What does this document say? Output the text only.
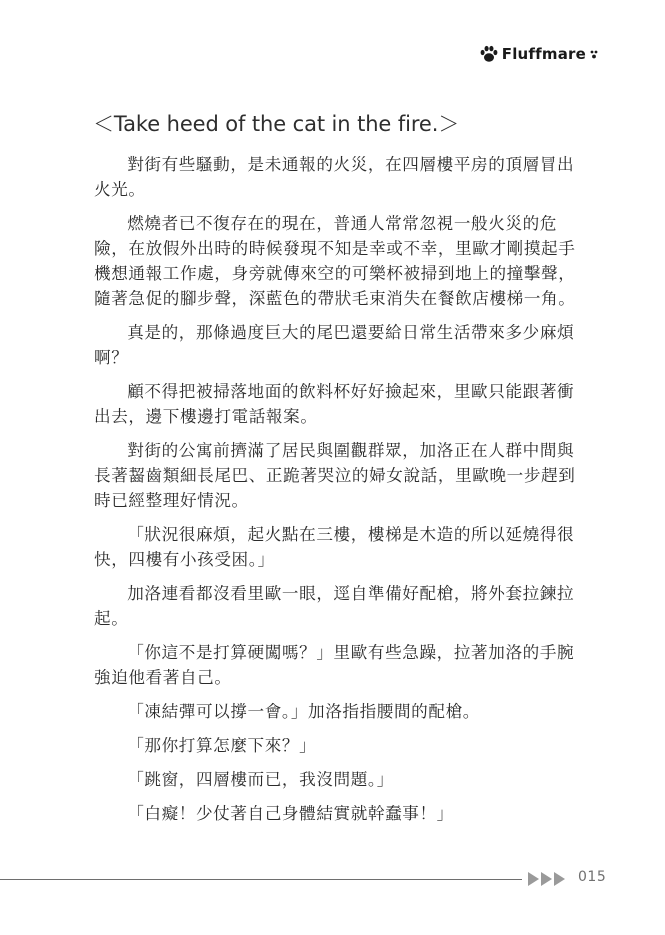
Fluffmare
＜Take heed of the cat in the fire.＞

對街有些騷動，是未通報的火災，在四層樓平房的頂層冒出火光。

燃燒者已不復存在的現在，普通人常常忽視一般火災的危險，在放假外出時的時候發現不知是幸或不幸，里歐才剛摸起手機想通報工作處，身旁就傳來空的可樂杯被掃到地上的撞擊聲，隨著急促的腳步聲，深藍色的帶狀毛束消失在餐飲店樓梯一角。

真是的，那條過度巨大的尾巴還要給日常生活帶來多少麻煩啊？

顧不得把被掃落地面的飲料杯好好撿起來，里歐只能跟著衝出去，邊下樓邊打電話報案。

對街的公寓前擠滿了居民與圍觀群眾，加洛正在人群中間與長著齧齒類細長尾巴、正跪著哭泣的婦女說話，里歐晚一步趕到時已經整理好情況。

「狀況很麻煩，起火點在三樓，樓梯是木造的所以延燒得很快，四樓有小孩受困。」

加洛連看都沒看里歐一眼，逕自準備好配槍，將外套拉鍊拉起。

「你這不是打算硬闖嗎？」里歐有些急躁，拉著加洛的手腕強迫他看著自己。

「凍結彈可以撐一會。」加洛指指腰間的配槍。

「那你打算怎麼下來？」

「跳窗，四層樓而已，我沒問題。」

「白癡！少仗著自己身體結實就幹蠢事！」

015
